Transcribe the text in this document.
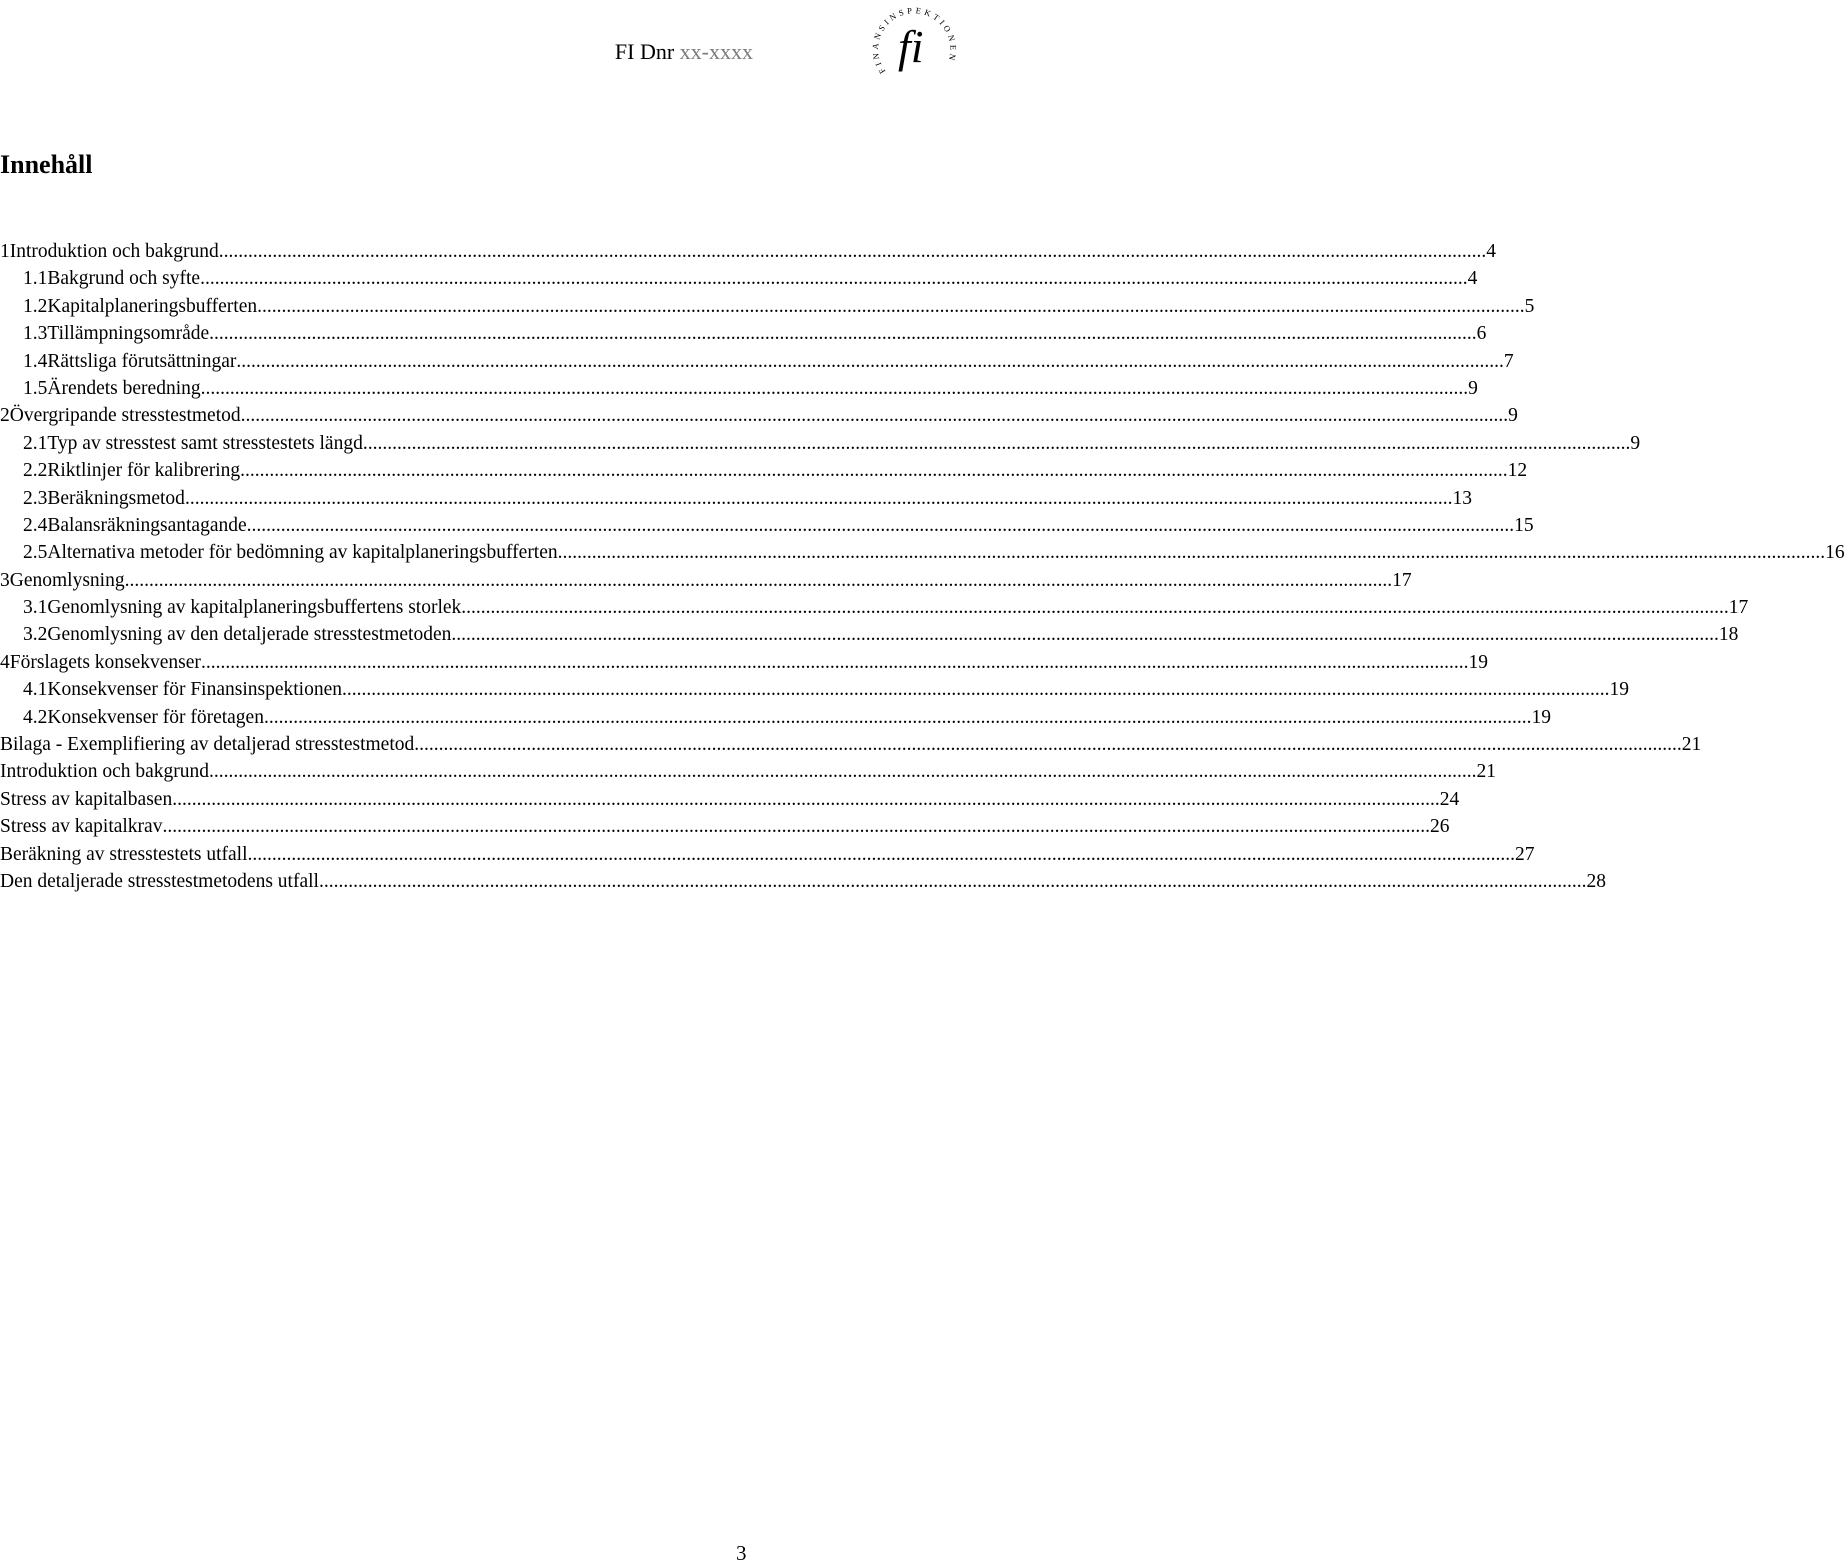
FI Dnr xx-xxxx
FINANSINSPEKTIONEN
fi
Innehåll
1 Introduktion och bakgrund .................................................................................................................................................................................................................................................................... 4
1.1 Bakgrund och syfte .................................................................................................................................................................................................................................................................... 4
1.2 Kapitalplaneringsbufferten .................................................................................................................................................................................................................................................................... 5
1.3 Tillämpningsområde .................................................................................................................................................................................................................................................................... 6
1.4 Rättsliga förutsättningar .................................................................................................................................................................................................................................................................... 7
1.5 Ärendets beredning .................................................................................................................................................................................................................................................................... 9
2 Övergripande stresstestmetod .................................................................................................................................................................................................................................................................... 9
2.1 Typ av stresstest samt stresstestets längd .................................................................................................................................................................................................................................................................... 9
2.2 Riktlinjer för kalibrering .................................................................................................................................................................................................................................................................... 12
2.3 Beräkningsmetod .................................................................................................................................................................................................................................................................... 13
2.4 Balansräkningsantagande .................................................................................................................................................................................................................................................................... 15
2.5 Alternativa metoder för bedömning av kapitalplaneringsbufferten .................................................................................................................................................................................................................................................................... 16
3 Genomlysning .................................................................................................................................................................................................................................................................... 17
3.1 Genomlysning av kapitalplaneringsbuffertens storlek .................................................................................................................................................................................................................................................................... 17
3.2 Genomlysning av den detaljerade stresstestmetoden .................................................................................................................................................................................................................................................................... 18
4 Förslagets konsekvenser .................................................................................................................................................................................................................................................................... 19
4.1 Konsekvenser för Finansinspektionen .................................................................................................................................................................................................................................................................... 19
4.2 Konsekvenser för företagen .................................................................................................................................................................................................................................................................... 19
Bilaga - Exemplifiering av detaljerad stresstestmetod .................................................................................................................................................................................................................................................................... 21
Introduktion och bakgrund .................................................................................................................................................................................................................................................................... 21
Stress av kapitalbasen .................................................................................................................................................................................................................................................................... 24
Stress av kapitalkrav .................................................................................................................................................................................................................................................................... 26
Beräkning av stresstestets utfall .................................................................................................................................................................................................................................................................... 27
Den detaljerade stresstestmetodens utfall .................................................................................................................................................................................................................................................................... 28
3
